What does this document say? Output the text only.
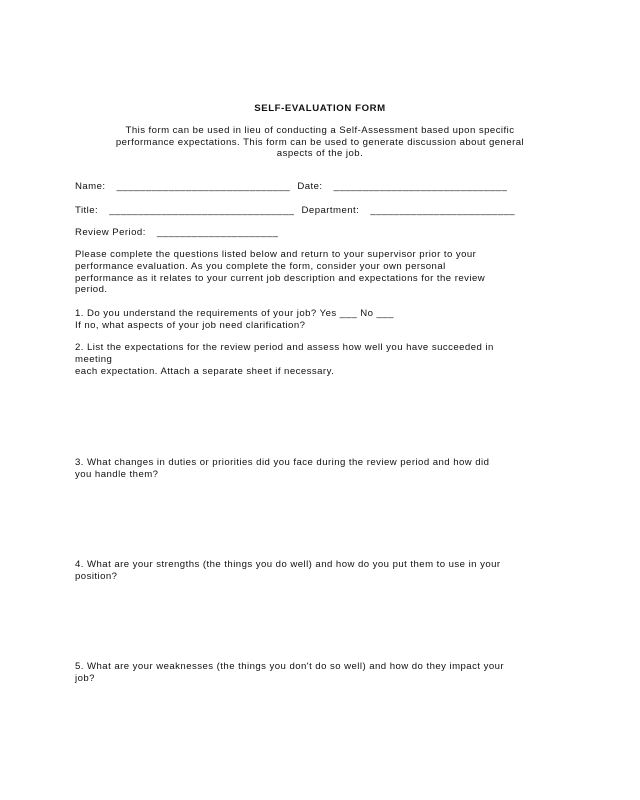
SELF-EVALUATION FORM
This form can be used in lieu of conducting a Self-Assessment based upon specific
performance expectations. This form can be used to generate discussion about general
aspects of the job.
Name: ______________________________ Date: ______________________________
Title: ________________________________ Department: _________________________
Review Period: _____________________
Please complete the questions listed below and return to your supervisor prior to your
performance evaluation. As you complete the form, consider your own personal
performance as it relates to your current job description and expectations for the review
period.
1. Do you understand the requirements of your job? Yes ___ No ___
If no, what aspects of your job need clarification?
2. List the expectations for the review period and assess how well you have succeeded in
meeting
each expectation. Attach a separate sheet if necessary.
3. What changes in duties or priorities did you face during the review period and how did
you handle them?
4. What are your strengths (the things you do well) and how do you put them to use in your
position?
5. What are your weaknesses (the things you don't do so well) and how do they impact your
job?
